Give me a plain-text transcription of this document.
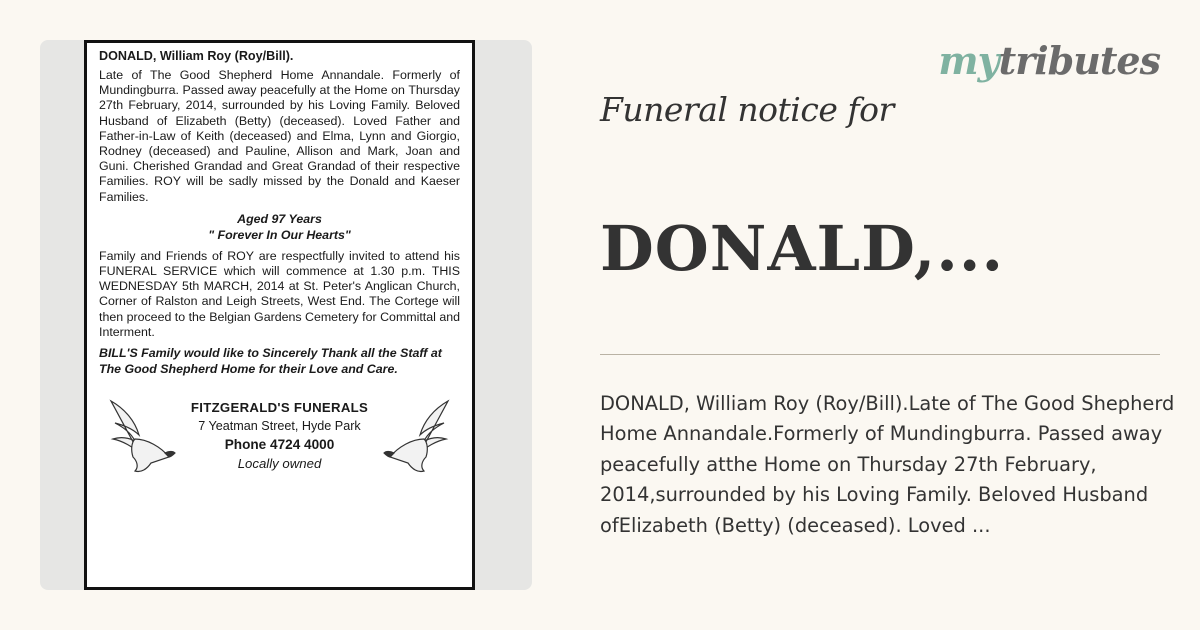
DONALD, William Roy (Roy/Bill).
Late of The Good Shepherd Home Annandale. Formerly of Mundingburra. Passed away peacefully at the Home on Thursday 27th February, 2014, surrounded by his Loving Family. Beloved Husband of Elizabeth (Betty) (deceased). Loved Father and Father-in-Law of Keith (deceased) and Elma, Lynn and Giorgio, Rodney (deceased) and Pauline, Allison and Mark, Joan and Guni. Cherished Grandad and Great Grandad of their respective Families. ROY will be sadly missed by the Donald and Kaeser Families.
Aged 97 Years
" Forever In Our Hearts"
Family and Friends of ROY are respectfully invited to attend his FUNERAL SERVICE which will commence at 1.30 p.m. THIS WEDNESDAY 5th MARCH, 2014 at St. Peter's Anglican Church, Corner of Ralston and Leigh Streets, West End. The Cortege will then proceed to the Belgian Gardens Cemetery for Committal and Interment.
BILL'S Family would like to Sincerely Thank all the Staff at The Good Shepherd Home for their Love and Care.
FITZGERALD'S FUNERALS
7 Yeatman Street, Hyde Park
Phone 4724 4000
Locally owned
mytributes
Funeral notice for
DONALD,...
DONALD, William Roy (Roy/Bill).Late of The Good Shepherd Home Annandale.Formerly of Mundingburra. Passed away peacefully atthe Home on Thursday 27th February, 2014,surrounded by his Loving Family. Beloved Husband ofElizabeth (Betty) (deceased). Loved ...
